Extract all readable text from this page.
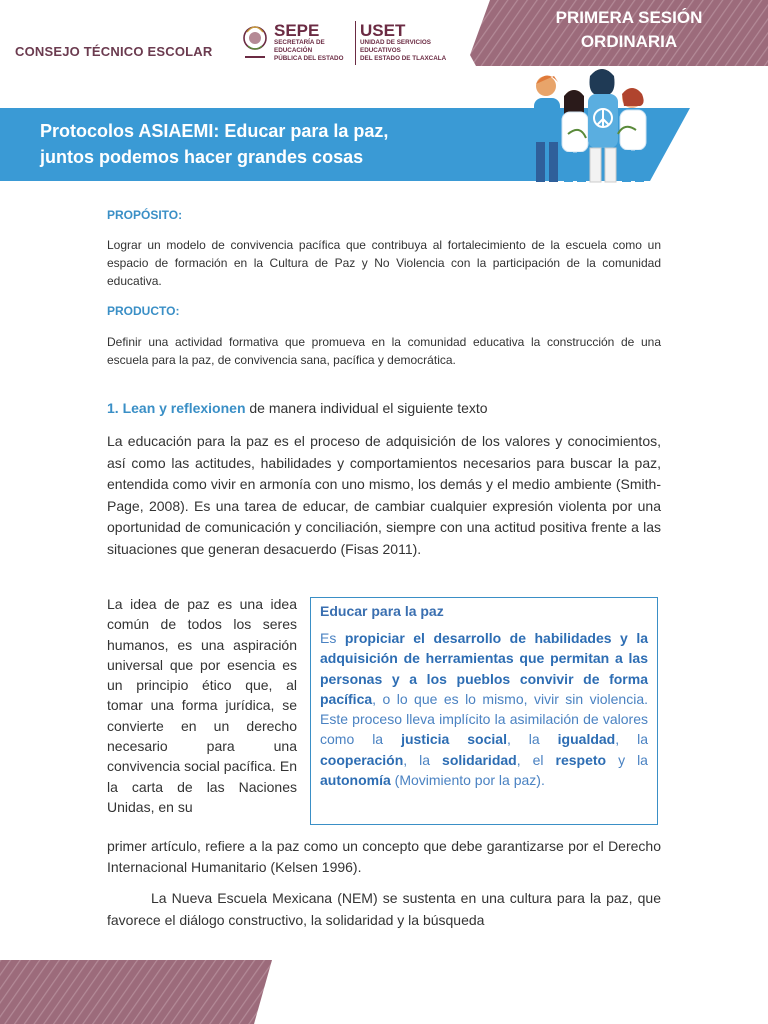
CONSEJO TÉCNICO ESCOLAR
SEPE
SECRETARÍA DE EDUCACIÓN
PÚBLICA DEL ESTADO
USET
UNIDAD DE SERVICIOS EDUCATIVOS
DEL ESTADO DE TLAXCALA
PRIMERA SESIÓN
ORDINARIA
Protocolos ASIAEMI: Educar para la paz,
juntos podemos hacer grandes cosas
PROPÓSITO:
Lograr un modelo de convivencia pacífica que contribuya al fortalecimiento de la escuela como un espacio de formación en la Cultura de Paz y No Violencia con la participación de la comunidad educativa.
PRODUCTO:
Definir una actividad formativa que promueva en la comunidad educativa la construcción de una escuela para la paz, de convivencia sana, pacífica y democrática.
1. Lean y reflexionen de manera individual el siguiente texto
La educación para la paz es el proceso de adquisición de los valores y conocimientos, así como las actitudes, habilidades y comportamientos necesarios para buscar la paz, entendida como vivir en armonía con uno mismo, los demás y el medio ambiente (Smith-Page, 2008). Es una tarea de educar, de cambiar cualquier expresión violenta por una oportunidad de comunicación y conciliación, siempre con una actitud positiva frente a las situaciones que generan desacuerdo (Fisas 2011).
La idea de paz es una idea común de todos los seres humanos, es una aspiración universal que por esencia es un principio ético que, al tomar una forma jurídica, se convierte en un derecho necesario para una convivencia social pacífica. En la carta de las Naciones Unidas, en su
Educar para la paz
Es propiciar el desarrollo de habilidades y la adquisición de herramientas que permitan a las personas y a los pueblos convivir de forma pacífica, o lo que es lo mismo, vivir sin violencia. Este proceso lleva implícito la asimilación de valores como la justicia social, la igualdad, la cooperación, la solidaridad, el respeto y la autonomía (Movimiento por la paz).
primer artículo, refiere a la paz como un concepto que debe garantizarse por el Derecho Internacional Humanitario (Kelsen 1996).
La Nueva Escuela Mexicana (NEM) se sustenta en una cultura para la paz, que favorece el diálogo constructivo, la solidaridad y la búsqueda
